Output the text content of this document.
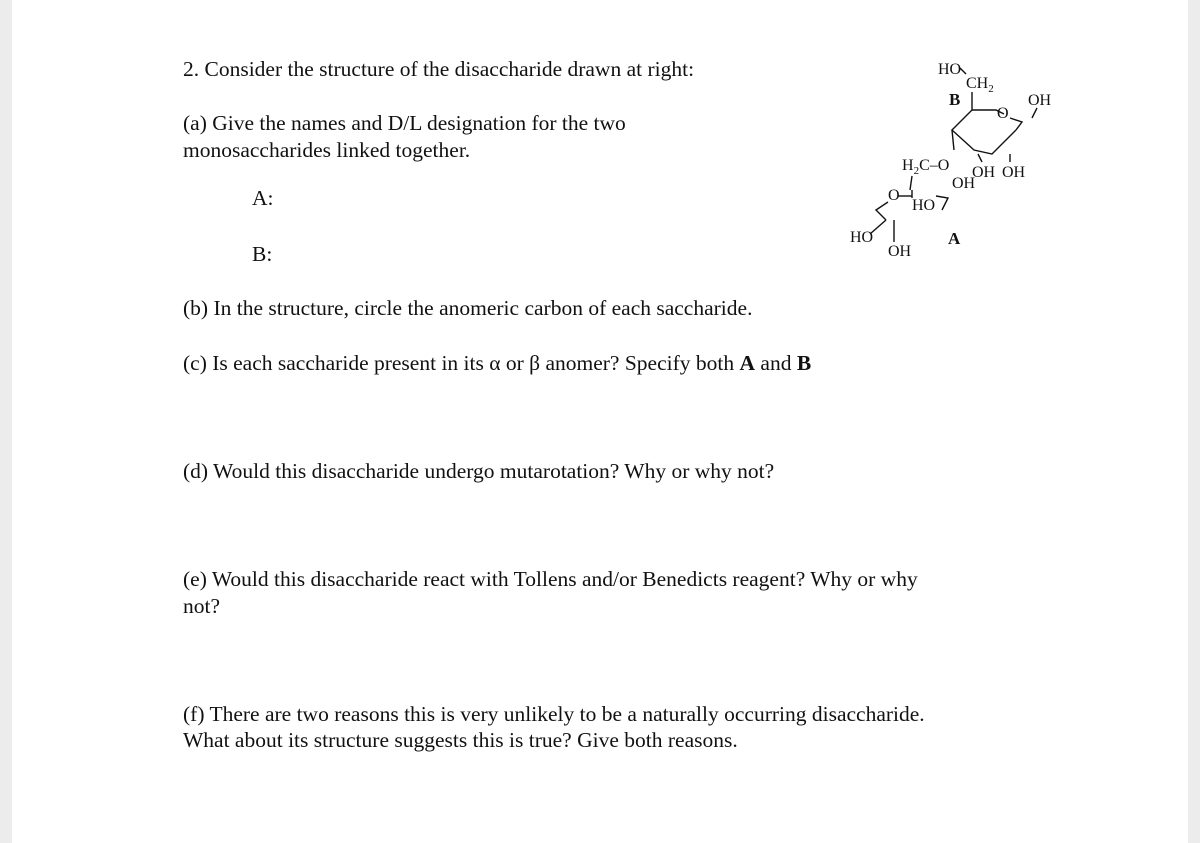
2. Consider the structure of the disaccharide drawn at right:

(a) Give the names and D/L designation for the two

monosaccharides linked together.

A:

B:

(b) In the structure, circle the anomeric carbon of each saccharide.

(c) Is each saccharide present in its α or β anomer? Specify both A and B

(d) Would this disaccharide undergo mutarotation? Why or why not?

(e) Would this disaccharide react with Tollens and/or Benedicts reagent? Why or why

not?

(f) There are two reasons this is very unlikely to be a naturally occurring disaccharide.

What about its structure suggests this is true? Give both reasons.

HO
$CH_2$
B
O
OH
$H_2C-O$ OH OH
OH
O
HO
HO
OH
A
